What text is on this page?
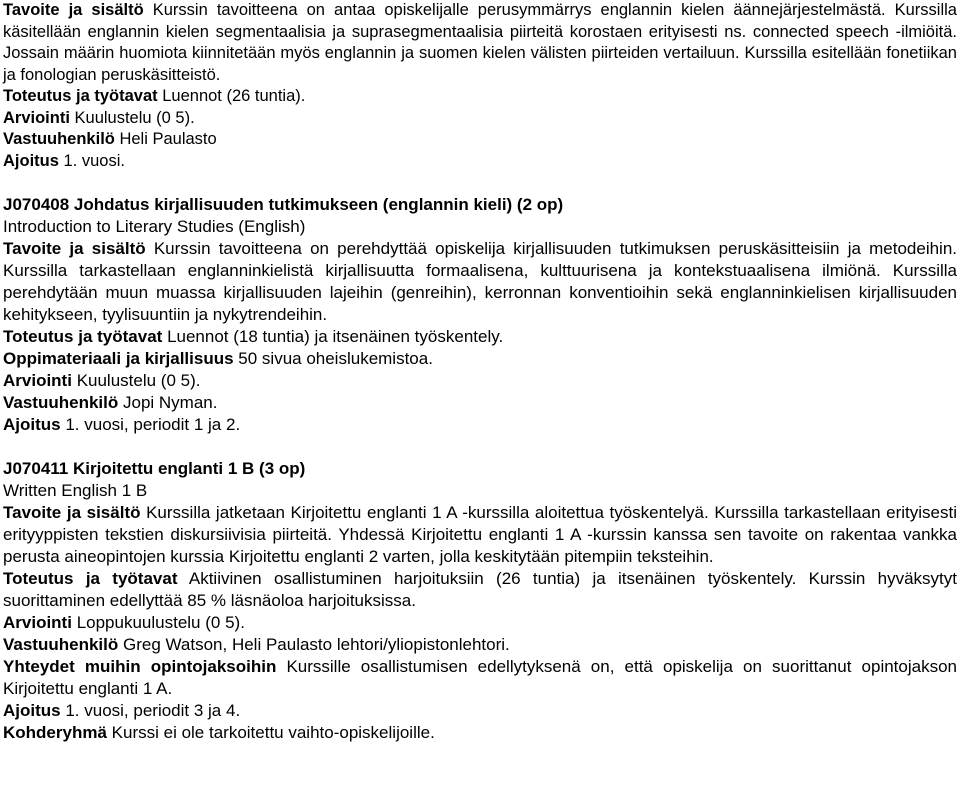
Tavoite ja sisältö Kurssin tavoitteena on antaa opiskelijalle perusymmärrys englannin kielen äännejärjestelmästä. Kurssilla käsitellään englannin kielen segmentaalisia ja suprasegmentaalisia piirteitä korostaen erityisesti ns. connected speech -ilmiöitä. Jossain määrin huomiota kiinnitetään myös englannin ja suomen kielen välisten piirteiden vertailuun. Kurssilla esitellään fonetiikan ja fonologian peruskäsitteistö.

Toteutus ja työtavat Luennot (26 tuntia).

Arviointi Kuulustelu (0 5).

Vastuuhenkilö Heli Paulasto

Ajoitus 1. vuosi.

J070408 Johdatus kirjallisuuden tutkimukseen (englannin kieli) (2 op)

Introduction to Literary Studies (English)

Tavoite ja sisältö Kurssin tavoitteena on perehdyttää opiskelija kirjallisuuden tutkimuksen peruskäsitteisiin ja metodeihin. Kurssilla tarkastellaan englanninkielistä kirjallisuutta formaalisena, kulttuurisena ja kontekstuaalisena ilmiönä. Kurssilla perehdytään muun muassa kirjallisuuden lajeihin (genreihin), kerronnan konventioihin sekä englanninkielisen kirjallisuuden kehitykseen, tyylisuuntiin ja nykytrendeihin.

Toteutus ja työtavat Luennot (18 tuntia) ja itsenäinen työskentely.

Oppimateriaali ja kirjallisuus 50 sivua oheislukemistoa.

Arviointi Kuulustelu (0 5).

Vastuuhenkilö Jopi Nyman.

Ajoitus 1. vuosi, periodit 1 ja 2.

J070411 Kirjoitettu englanti 1 B (3 op)

Written English 1 B

Tavoite ja sisältö Kurssilla jatketaan Kirjoitettu englanti 1 A -kurssilla aloitettua työskentelyä. Kurssilla tarkastellaan erityisesti erityyppisten tekstien diskursiivisia piirteitä. Yhdessä Kirjoitettu englanti 1 A -kurssin kanssa sen tavoite on rakentaa vankka perusta aineopintojen kurssia Kirjoitettu englanti 2 varten, jolla keskitytään pitempiin teksteihin.

Toteutus ja työtavat Aktiivinen osallistuminen harjoituksiin (26 tuntia) ja itsenäinen työskentely. Kurssin hyväksytyt suorittaminen edellyttää 85 % läsnäoloa harjoituksissa.

Arviointi Loppukuulustelu (0 5).

Vastuuhenkilö Greg Watson, Heli Paulasto lehtori/yliopistonlehtori.

Yhteydet muihin opintojaksoihin Kurssille osallistumisen edellytyksenä on, että opiskelija on suorittanut opintojakson Kirjoitettu englanti 1 A.

Ajoitus 1. vuosi, periodit 3 ja 4.

Kohderyhmä Kurssi ei ole tarkoitettu vaihto-opiskelijoille.
